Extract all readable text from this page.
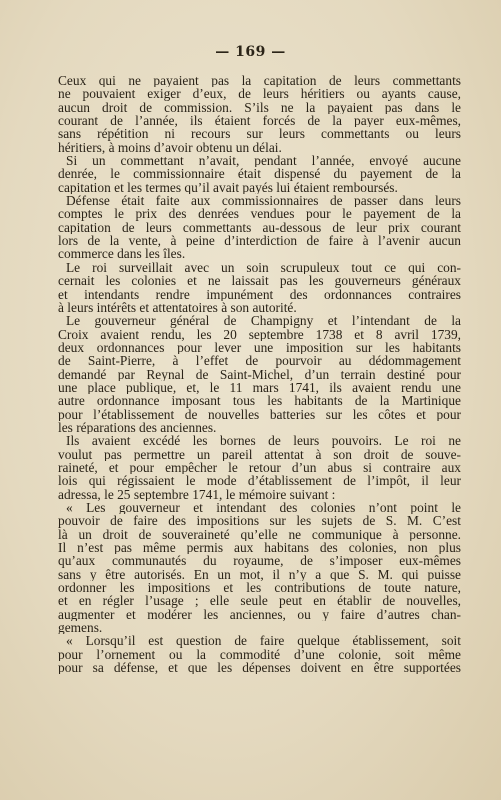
— 169 —
Ceux qui ne payaient pas la capitation de leurs commettants
ne pouvaient exiger d’eux, de leurs héritiers ou ayants cause,
aucun droit de commission. S’ils ne la payaient pas dans le
courant de l’année, ils étaient forcés de la payer eux-mêmes,
sans répétition ni recours sur leurs commettants ou leurs
héritiers, à moins d’avoir obtenu un délai.
Si un commettant n’avait, pendant l’année, envoyé aucune
denrée, le commissionnaire était dispensé du payement de la
capitation et les termes qu’il avait payés lui étaient remboursés.
Défense était faite aux commissionnaires de passer dans leurs
comptes le prix des denrées vendues pour le payement de la
capitation de leurs commettants au-dessous de leur prix courant
lors de la vente, à peine d’interdiction de faire à l’avenir aucun
commerce dans les îles.
Le roi surveillait avec un soin scrupuleux tout ce qui con-
cernait les colonies et ne laissait pas les gouverneurs généraux
et intendants rendre impunément des ordonnances contraires
à leurs intérêts et attentatoires à son autorité.
Le gouverneur général de Champigny et l’intendant de la
Croix avaient rendu, les 20 septembre 1738 et 8 avril 1739,
deux ordonnances pour lever une imposition sur les habitants
de Saint-Pierre, à l’effet de pourvoir au dédommagement
demandé par Reynal de Saint-Michel, d’un terrain destiné pour
une place publique, et, le 11 mars 1741, ils avaient rendu une
autre ordonnance imposant tous les habitants de la Martinique
pour l’établissement de nouvelles batteries sur les côtes et pour
les réparations des anciennes.
Ils avaient excédé les bornes de leurs pouvoirs. Le roi ne
voulut pas permettre un pareil attentat à son droit de souve-
raineté, et pour empêcher le retour d’un abus si contraire aux
lois qui régissaient le mode d’établissement de l’impôt, il leur
adressa, le 25 septembre 1741, le mémoire suivant :
« Les gouverneur et intendant des colonies n’ont point le
pouvoir de faire des impositions sur les sujets de S. M. C’est
là un droit de souveraineté qu’elle ne communique à personne.
Il n’est pas même permis aux habitans des colonies, non plus
qu’aux communautés du royaume, de s’imposer eux-mêmes
sans y être autorisés. En un mot, il n’y a que S. M. qui puisse
ordonner les impositions et les contributions de toute nature,
et en régler l’usage ; elle seule peut en établir de nouvelles,
augmenter et modérer les anciennes, ou y faire d’autres chan-
gemens.
« Lorsqu’il est question de faire quelque établissement, soit
pour l’ornement ou la commodité d’une colonie, soit même
pour sa défense, et que les dépenses doivent en être supportées
